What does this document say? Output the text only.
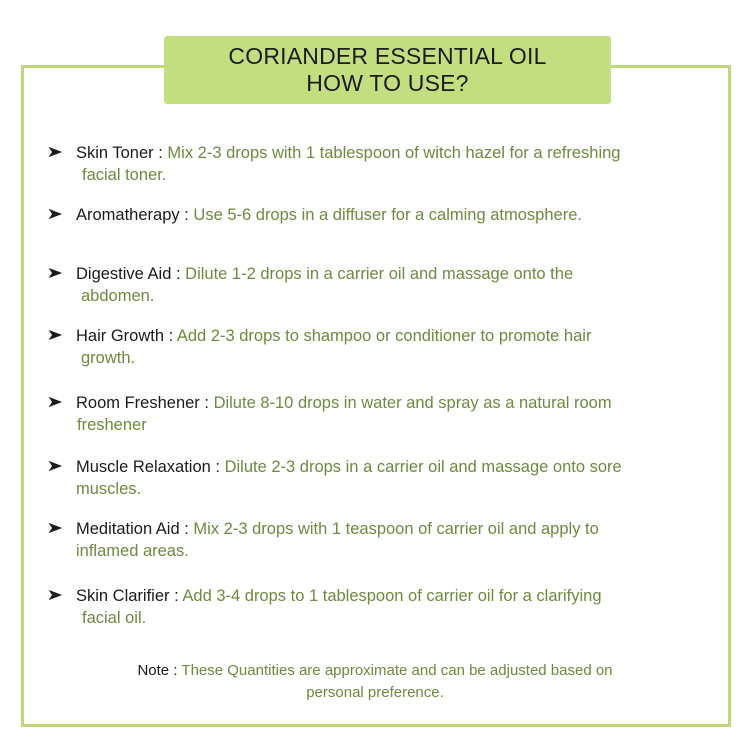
CORIANDER ESSENTIAL OIL
HOW TO USE?
➤ Skin Toner : Mix 2-3 drops with 1 tablespoon of witch hazel for a refreshing
facial toner.
➤ Aromatherapy : Use 5-6 drops in a diffuser for a calming atmosphere.
➤ Digestive Aid : Dilute 1-2 drops in a carrier oil and massage onto the
abdomen.
➤ Hair Growth : Add 2-3 drops to shampoo or conditioner to promote hair
growth.
➤ Room Freshener : Dilute 8-10 drops in water and spray as a natural room
freshener
➤ Muscle Relaxation : Dilute 2-3 drops in a carrier oil and massage onto sore
muscles.
➤ Meditation Aid : Mix 2-3 drops with 1 teaspoon of carrier oil and apply to
inflamed areas.
➤ Skin Clarifier : Add 3-4 drops to 1 tablespoon of carrier oil for a clarifying
facial oil.
Note : These Quantities are approximate and can be adjusted based on
personal preference.
